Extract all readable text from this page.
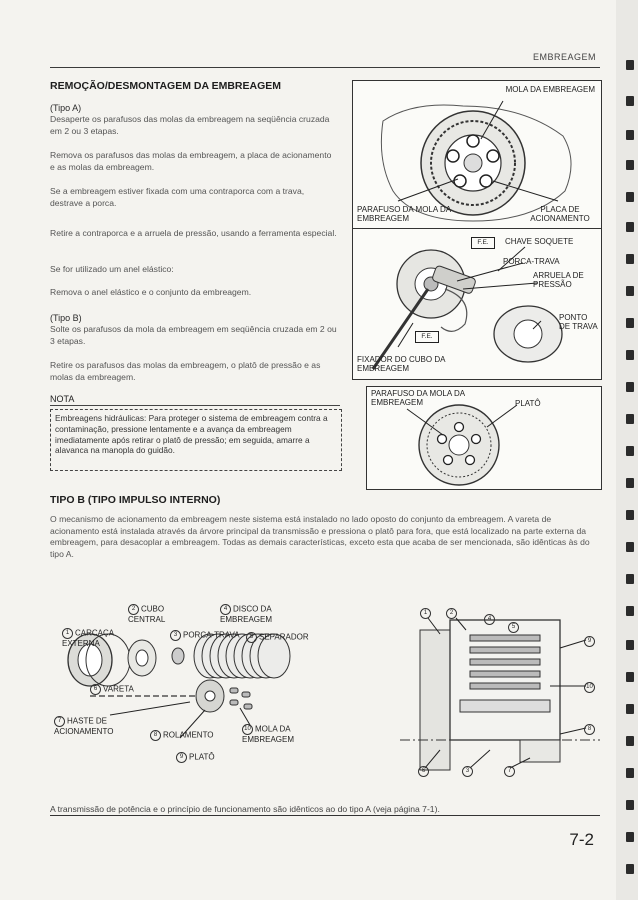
EMBREAGEM
REMOÇÃO/DESMONTAGEM DA EMBREAGEM
(Tipo A)
Desaperte os parafusos das molas da embreagem na seqüência cruzada em 2 ou 3 etapas.
Remova os parafusos das molas da embreagem, a placa de acionamento e as molas da embreagem.
Se a embreagem estiver fixada com uma contraporca com a trava, destrave a porca.
Retire a contraporca e a arruela de pressão, usando a ferramenta especial.
Se for utilizado um anel elástico:
Remova o anel elástico e o conjunto da embreagem.
(Tipo B)
Solte os parafusos da mola da embreagem em seqüência cruzada em 2 ou 3 etapas.
Retire os parafusos das molas da embreagem, o platô de pressão e as molas da embreagem.
NOTA
Embreagens hidráulicas: Para proteger o sistema de embreagem contra a contaminação, pressione lentamente e a avança da embreagem imediatamente após retirar o platô de pressão; em seguida, amarre a alavanca na manopla do guidão.
MOLA DA EMBREAGEM
PARAFUSO DA MOLA DA EMBREAGEM
PLACA DE ACIONAMENTO
F.E.	CHAVE SOQUETE
PORCA-TRAVA
ARRUELA DE PRESSÃO
PONTO DE TRAVA
F.E.
FIXADOR DO CUBO DA EMBREAGEM
PARAFUSO DA MOLA DA EMBREAGEM	PLATÔ
TIPO B (TIPO IMPULSO INTERNO)
O mecanismo de acionamento da embreagem neste sistema está instalado no lado oposto do conjunto da embreagem. A vareta de acionamento está instalada através da árvore principal da transmissão e pressiona o platô para fora, que está localizado na parte externa da embreagem, para desacoplar a embreagem. Todas as demais características, exceto esta que acaba de ser mencionada, são idênticas às do tipo A.
1 CARCAÇA EXTERNA
2 CUBO CENTRAL
3 PORCA-TRAVA
4 DISCO DA EMBREAGEM
5 SEPARADOR
6 VARETA
7 HASTE DE ACIONAMENTO	8 ROLAMENTO
9 PLATÔ
10 MOLA DA EMBREAGEM
1	2
4
5
9
10
8
6	3	7
A transmissão de potência e o princípio de funcionamento são idênticos ao do tipo A (veja página 7-1).
7-2
